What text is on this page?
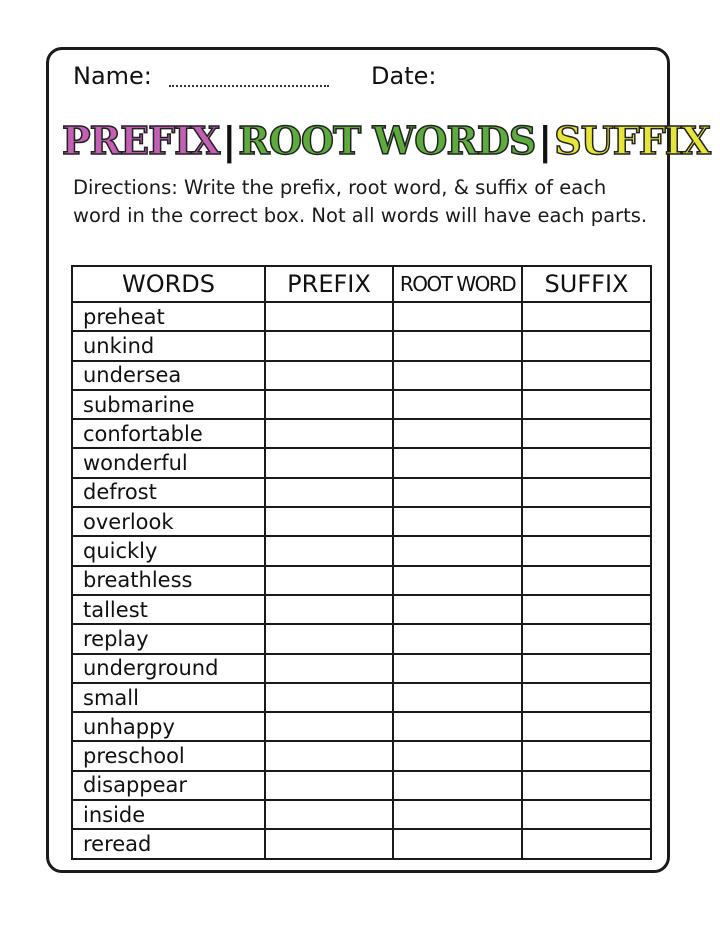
Name:	Date:
PREFIX|ROOT WORDS|SUFFIX
Directions: Write the prefix, root word, & suffix of each word in the correct box. Not all words will have each parts.
WORDS	PREFIX	ROOT WORD	SUFFIX
preheat			
unkind			
undersea			
submarine			
confortable			
wonderful			
defrost			
overlook			
quickly			
breathless			
tallest			
replay			
underground			
small			
unhappy			
preschool			
disappear			
inside			
reread			
